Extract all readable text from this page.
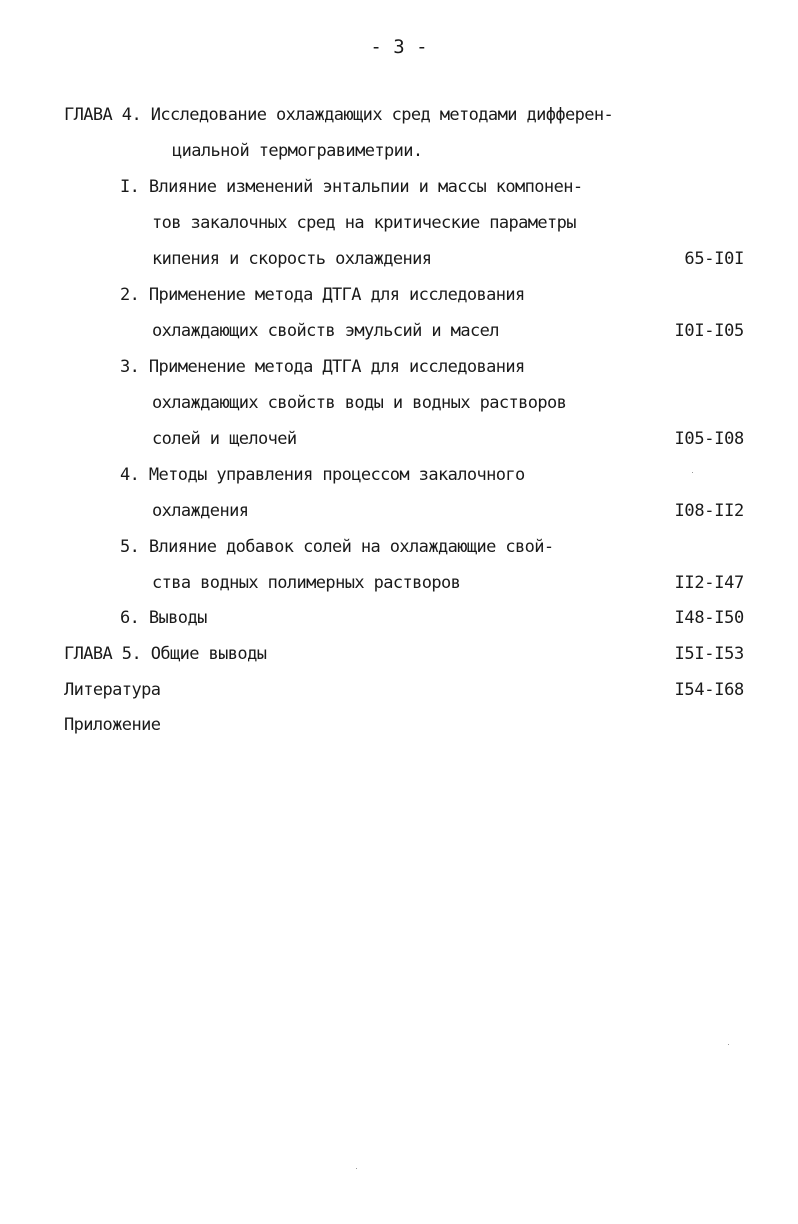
- 3 -
ГЛАВА 4. Исследование охлаждающих сред методами дифферен-
циальной термогравиметрии.
I. Влияние изменений энтальпии и массы компонен-
тов закалочных сред на критические параметры
кипения и скорость охлаждения	65-I0I
2. Применение метода ДТГА для исследования
охлаждающих свойств эмульсий и масел	I0I-I05
3. Применение метода ДТГА для исследования
охлаждающих свойств воды и водных растворов
солей и щелочей	I05-I08
4. Методы управления процессом закалочного
охлаждения	I08-II2
5. Влияние добавок солей на охлаждающие свой-
ства водных полимерных растворов	II2-I47
6. Выводы	I48-I50
ГЛАВА 5. Общие выводы	I5I-I53
Литература	I54-I68
Приложение
